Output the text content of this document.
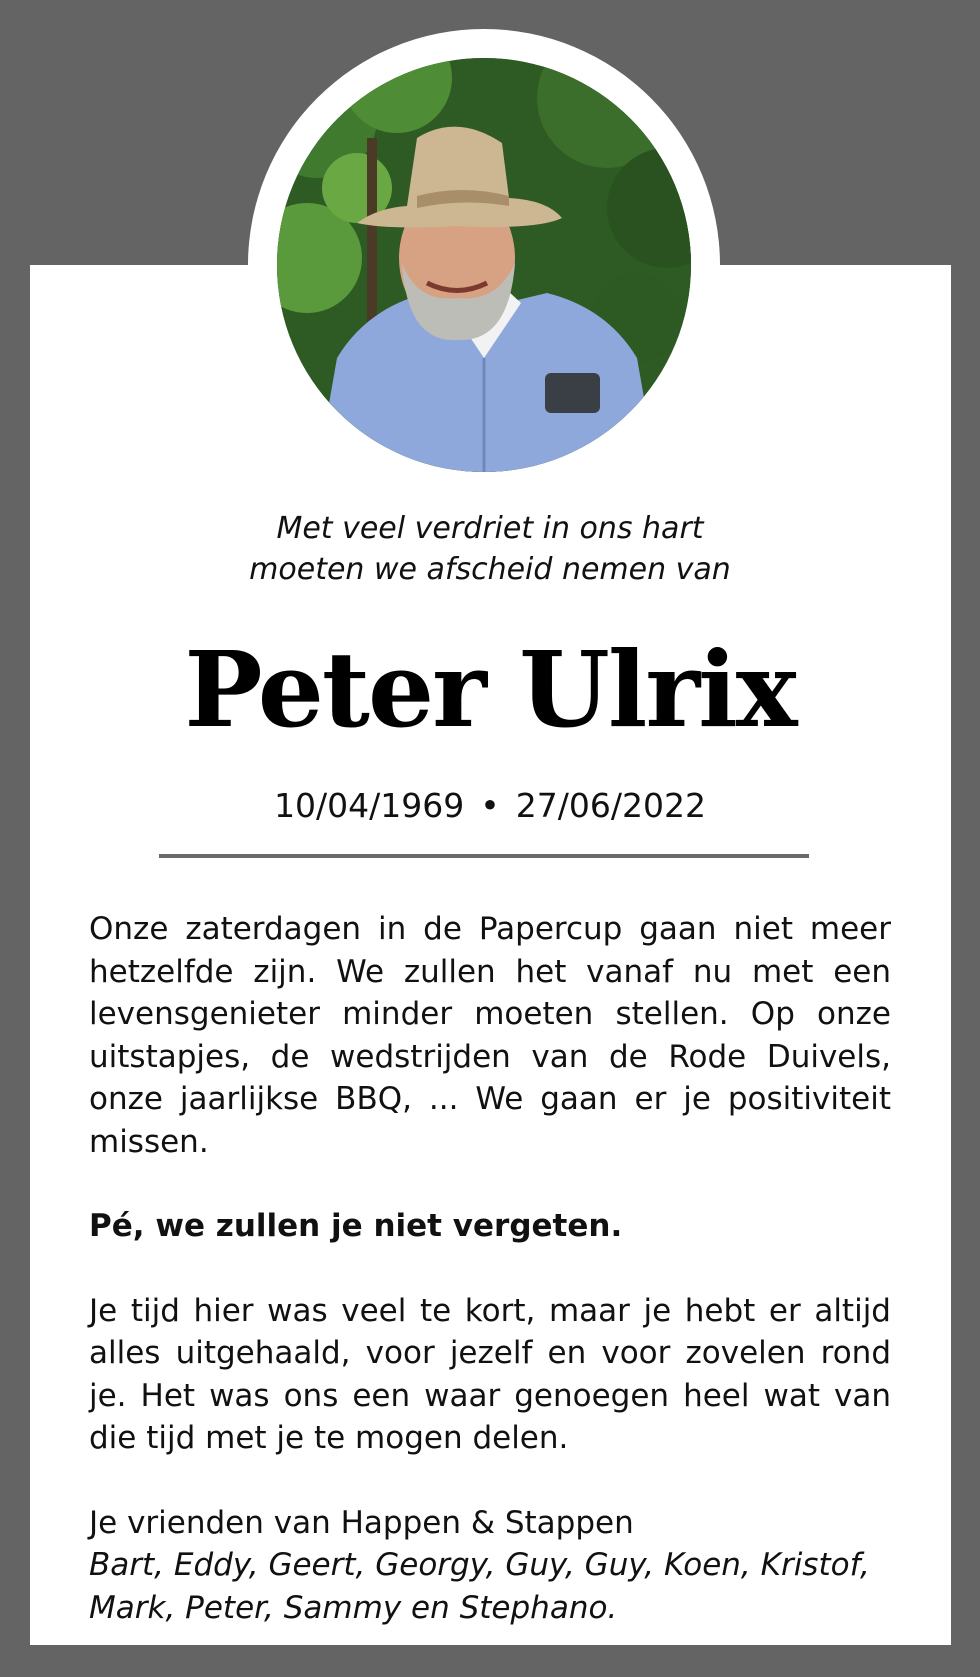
Met veel verdriet in ons hart
moeten we afscheid nemen van
Peter Ulrix
10/04/1969 • 27/06/2022

Onze zaterdagen in de Papercup gaan niet meer hetzelfde zijn. We zullen het vanaf nu met een levensgenieter minder moeten stellen. Op onze uitstapjes, de wedstrijden van de Rode Duivels, onze jaarlijkse BBQ, ... We gaan er je positiviteit missen.

Pé, we zullen je niet vergeten.

Je tijd hier was veel te kort, maar je hebt er altijd alles uitgehaald, voor jezelf en voor zovelen rond je. Het was ons een waar genoegen heel wat van die tijd met je te mogen delen.

Je vrienden van Happen & Stappen
Bart, Eddy, Geert, Georgy, Guy, Guy, Koen, Kristof, Mark, Peter, Sammy en Stephano.
